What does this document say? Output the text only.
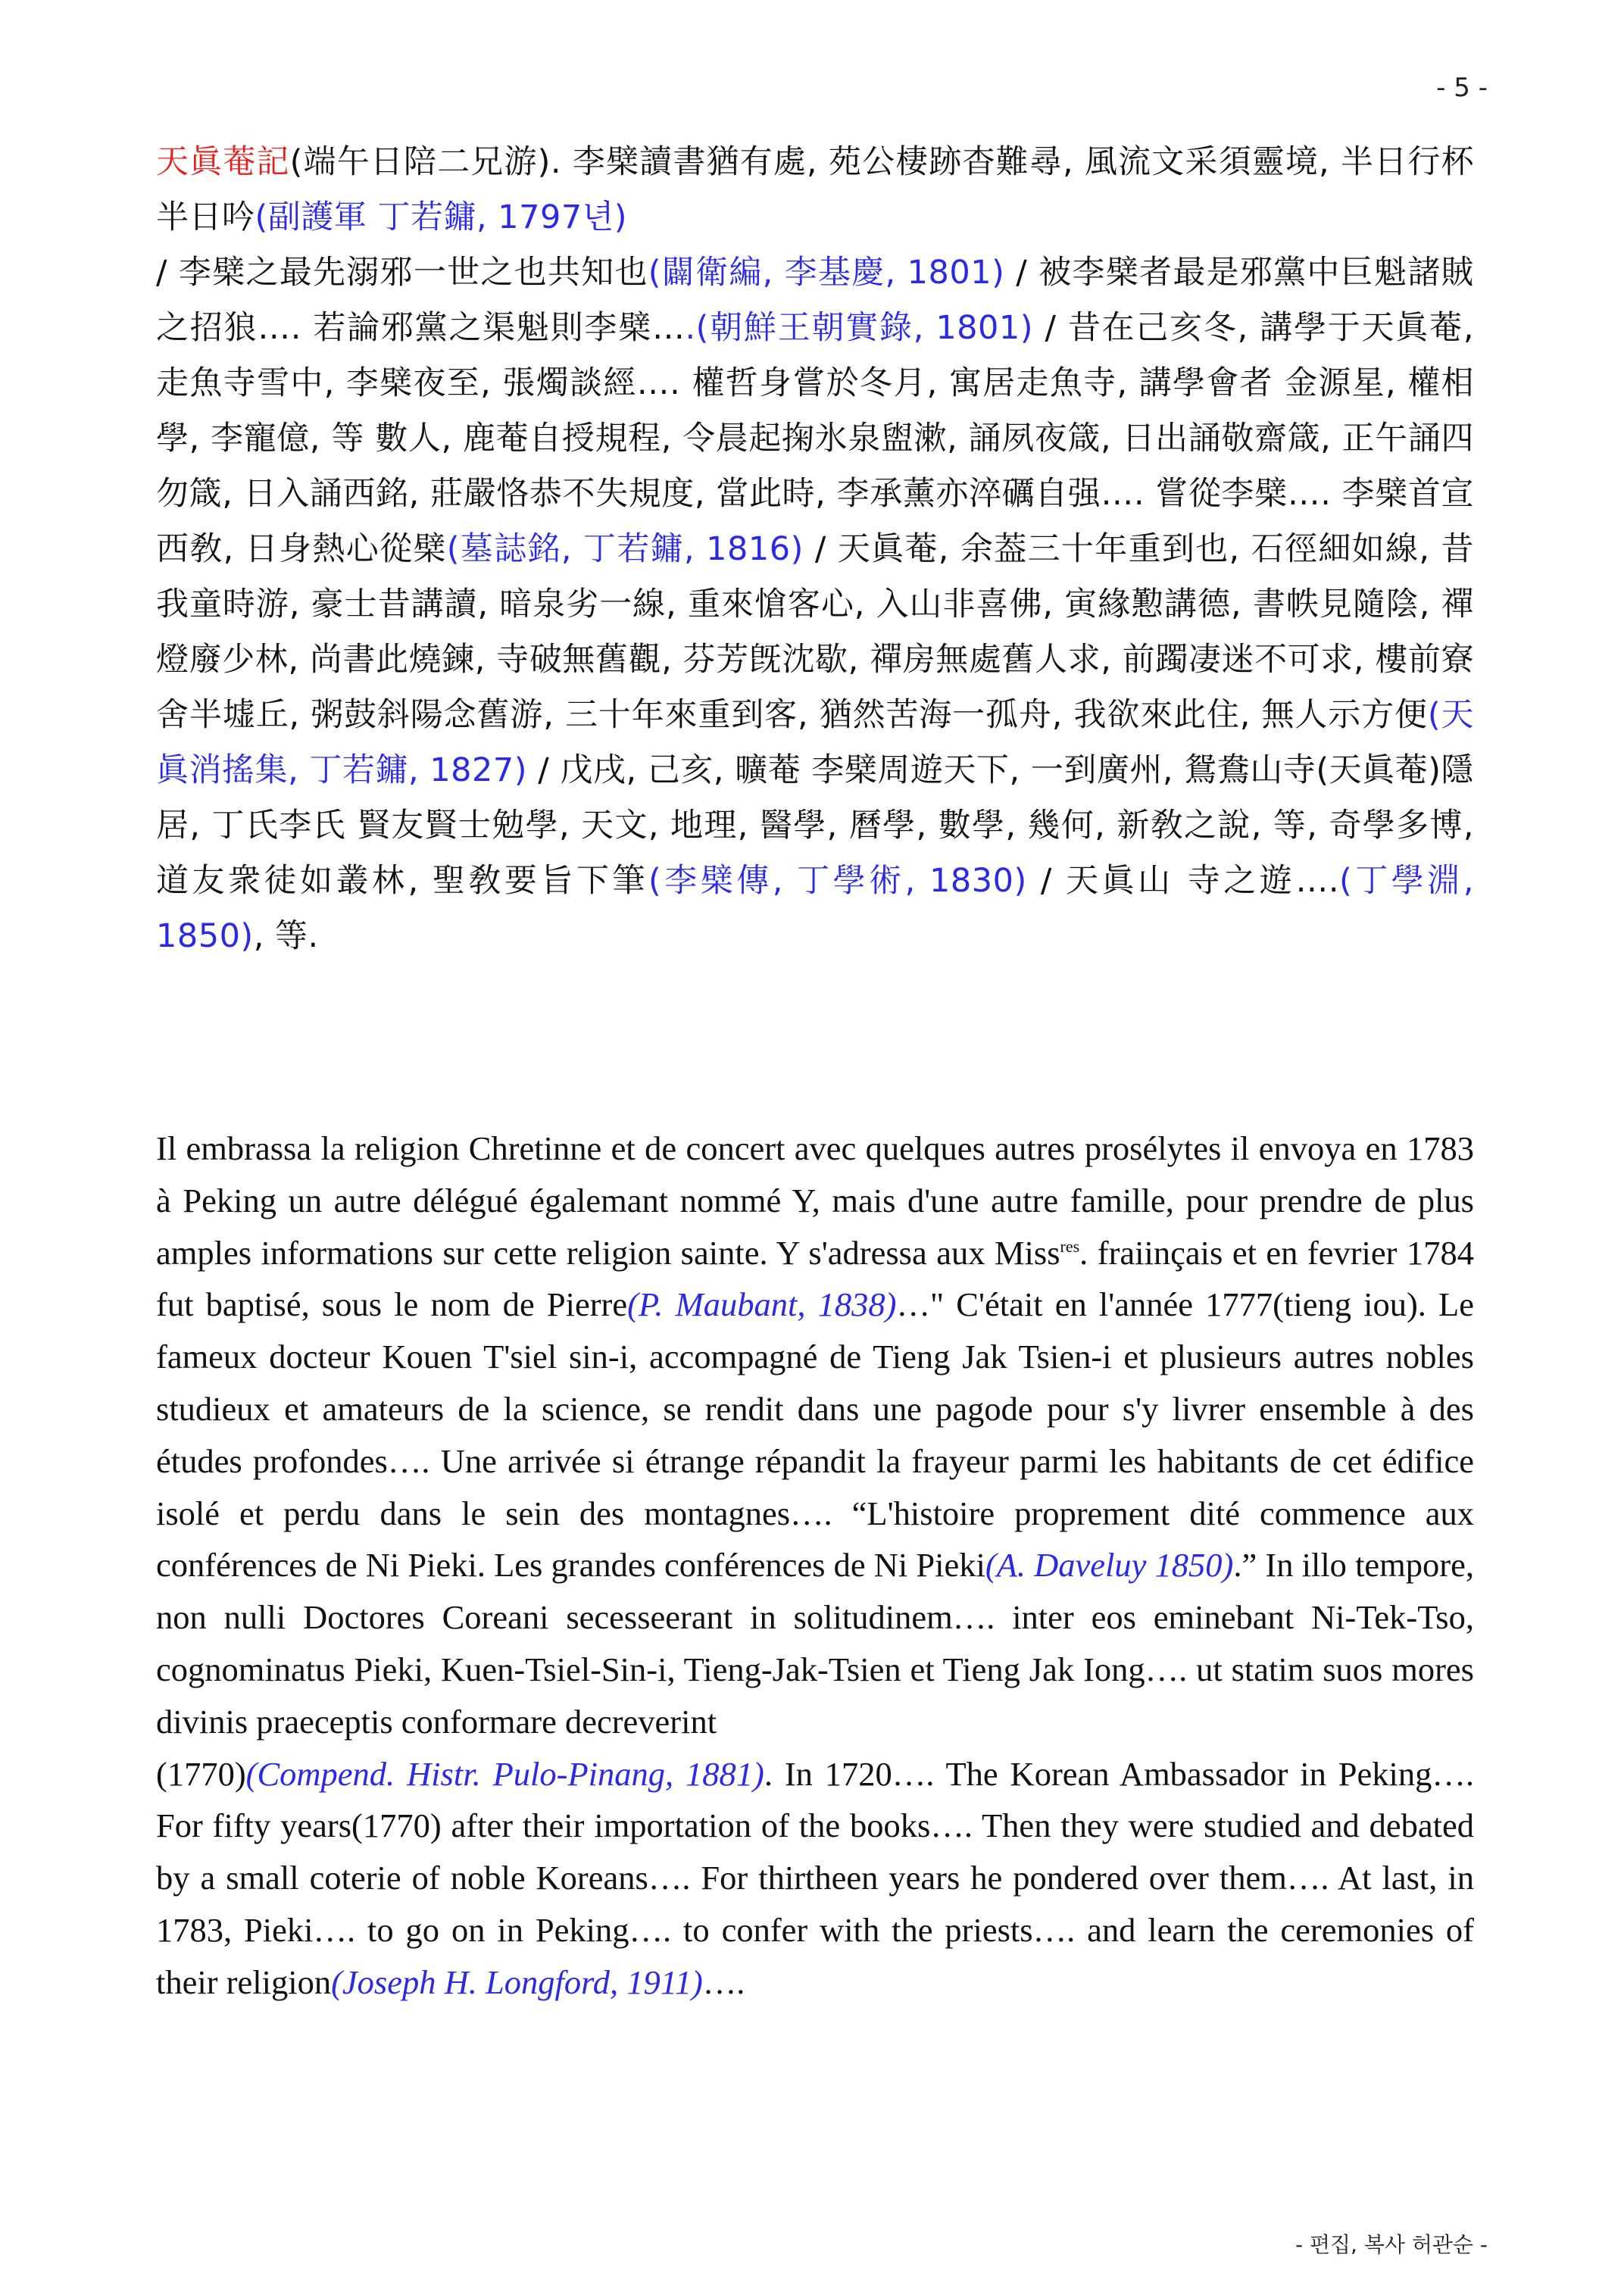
- 5 -
天眞菴記(端午日陪二兄游). 李檗讀書猶有處, 苑公棲跡杳難尋, 風流文采須靈境, 半日行杯半日吟(副護軍 丁若鏞, 1797년)
/ 李檗之最先溺邪一世之也共知也(闢衛編, 李基慶, 1801) / 被李檗者最是邪黨中巨魁諸賊之招狼…. 若論邪黨之渠魁則李檗….(朝鮮王朝實錄, 1801) / 昔在己亥冬, 講學于天眞菴, 走魚寺雪中, 李檗夜至, 張燭談經…. 權哲身嘗於冬月, 寓居走魚寺, 講學會者 金源星, 權相學, 李寵億, 等 數人, 鹿菴自授規程, 令晨起掬氷泉盥漱, 誦夙夜箴, 日出誦敬齋箴, 正午誦四勿箴, 日入誦西銘, 莊嚴恪恭不失規度, 當此時, 李承薰亦淬礪自强…. 嘗從李檗…. 李檗首宣西敎, 日身熱心從檗(墓誌銘, 丁若鏞, 1816) / 天眞菴, 余葢三十年重到也, 石徑細如線, 昔我童時游, 豪士昔講讀, 暗泉劣一線, 重來愴客心, 入山非喜佛, 寅緣懃講德, 書帙見隨陰, 禪燈廢少林, 尚書此燒鍊, 寺破無舊觀, 芬芳旣沈歇, 禪房無處舊人求, 前躅凄迷不可求, 樓前寮舍半墟丘, 粥鼓斜陽念舊游, 三十年來重到客, 猶然苦海一孤舟, 我欲來此住, 無人示方便(天眞消搖集, 丁若鏞, 1827) / 戊戌, 己亥, 曠菴 李檗周遊天下, 一到廣州, 鴛鴦山寺(天眞菴)隱居, 丁氏李氏 賢友賢士勉學, 天文, 地理, 醫學, 曆學, 數學, 幾何, 新敎之說, 等, 奇學多博, 道友衆徒如叢林, 聖敎要旨下筆(李檗傳, 丁學術, 1830) / 天眞山 寺之遊….(丁學淵, 1850), 等.
Il embrassa la religion Chretinne et de concert avec quelques autres prosélytes il envoya en 1783 à Peking un autre délégué égalemant nommé Y, mais d'une autre famille, pour prendre de plus amples informations sur cette religion sainte. Y s'adressa aux Miss$^{res}$. fraiinçais et en fevrier 1784 fut baptisé, sous le nom de Pierre(P. Maubant, 1838)…" C'était en l'année 1777(tieng iou). Le fameux docteur Kouen T'siel sin-i, accompagné de Tieng Jak Tsien-i et plusieurs autres nobles studieux et amateurs de la science, se rendit dans une pagode pour s'y livrer ensemble à des études profondes…. Une arrivée si étrange répandit la frayeur parmi les habitants de cet édifice isolé et perdu dans le sein des montagnes…. “L'histoire proprement dité commence aux conférences de Ni Pieki. Les grandes conférences de Ni Pieki(A. Daveluy 1850).” In illo tempore, non nulli Doctores Coreani secesseerant in solitudinem…. inter eos eminebant Ni-Tek-Tso, cognominatus Pieki, Kuen-Tsiel-Sin-i, Tieng-Jak-Tsien et Tieng Jak Iong…. ut statim suos mores divinis praeceptis conformare decreverint
(1770)(Compend. Histr. Pulo-Pinang, 1881). In 1720…. The Korean Ambassador in Peking…. For fifty years(1770) after their importation of the books…. Then they were studied and debated by a small coterie of noble Koreans…. For thirtheen years he pondered over them…. At last, in 1783, Pieki…. to go on in Peking…. to confer with the priests…. and learn the ceremonies of their religion(Joseph H. Longford, 1911)….
- 편집, 복사 허관순 -
